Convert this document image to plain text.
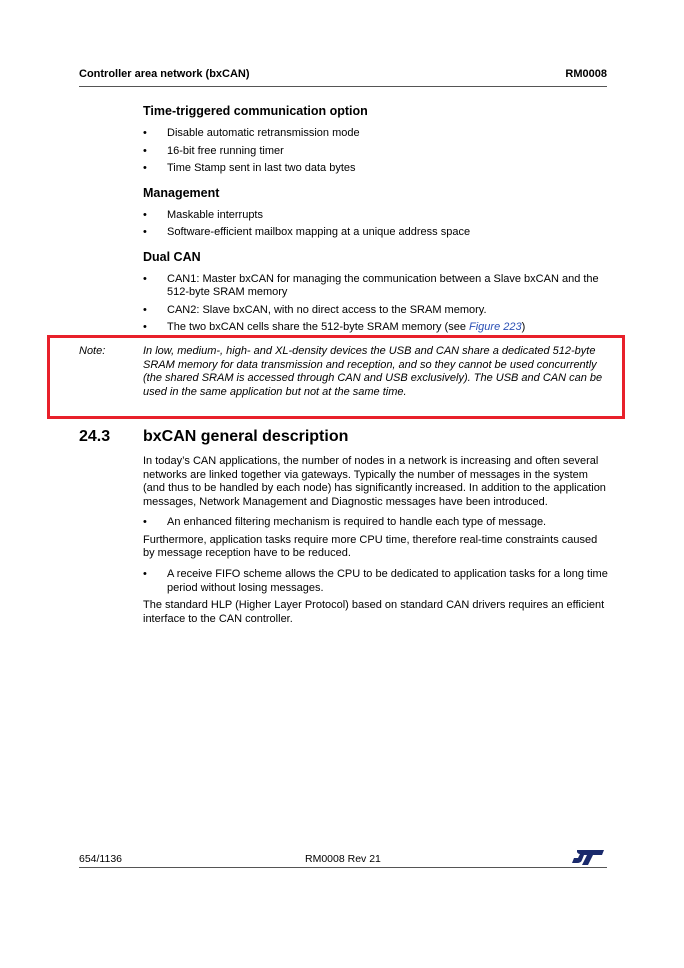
Controller area network (bxCAN)	RM0008
Time-triggered communication option
• Disable automatic retransmission mode
• 16-bit free running timer
• Time Stamp sent in last two data bytes
Management
• Maskable interrupts
• Software-efficient mailbox mapping at a unique address space
Dual CAN
• CAN1: Master bxCAN for managing the communication between a Slave bxCAN and the 512-byte SRAM memory
• CAN2: Slave bxCAN, with no direct access to the SRAM memory.
• The two bxCAN cells share the 512-byte SRAM memory (see Figure 223)
Note:	In low, medium-, high- and XL-density devices the USB and CAN share a dedicated 512-byte SRAM memory for data transmission and reception, and so they cannot be used concurrently (the shared SRAM is accessed through CAN and USB exclusively). The USB and CAN can be used in the same application but not at the same time.
24.3 bxCAN general description

In today’s CAN applications, the number of nodes in a network is increasing and often several networks are linked together via gateways. Typically the number of messages in the system (and thus to be handled by each node) has significantly increased. In addition to the application messages, Network Management and Diagnostic messages have been introduced.

• An enhanced filtering mechanism is required to handle each type of message.

Furthermore, application tasks require more CPU time, therefore real-time constraints caused by message reception have to be reduced.

• A receive FIFO scheme allows the CPU to be dedicated to application tasks for a long time period without losing messages.

The standard HLP (Higher Layer Protocol) based on standard CAN drivers requires an efficient interface to the CAN controller.

654/1136	RM0008 Rev 21
